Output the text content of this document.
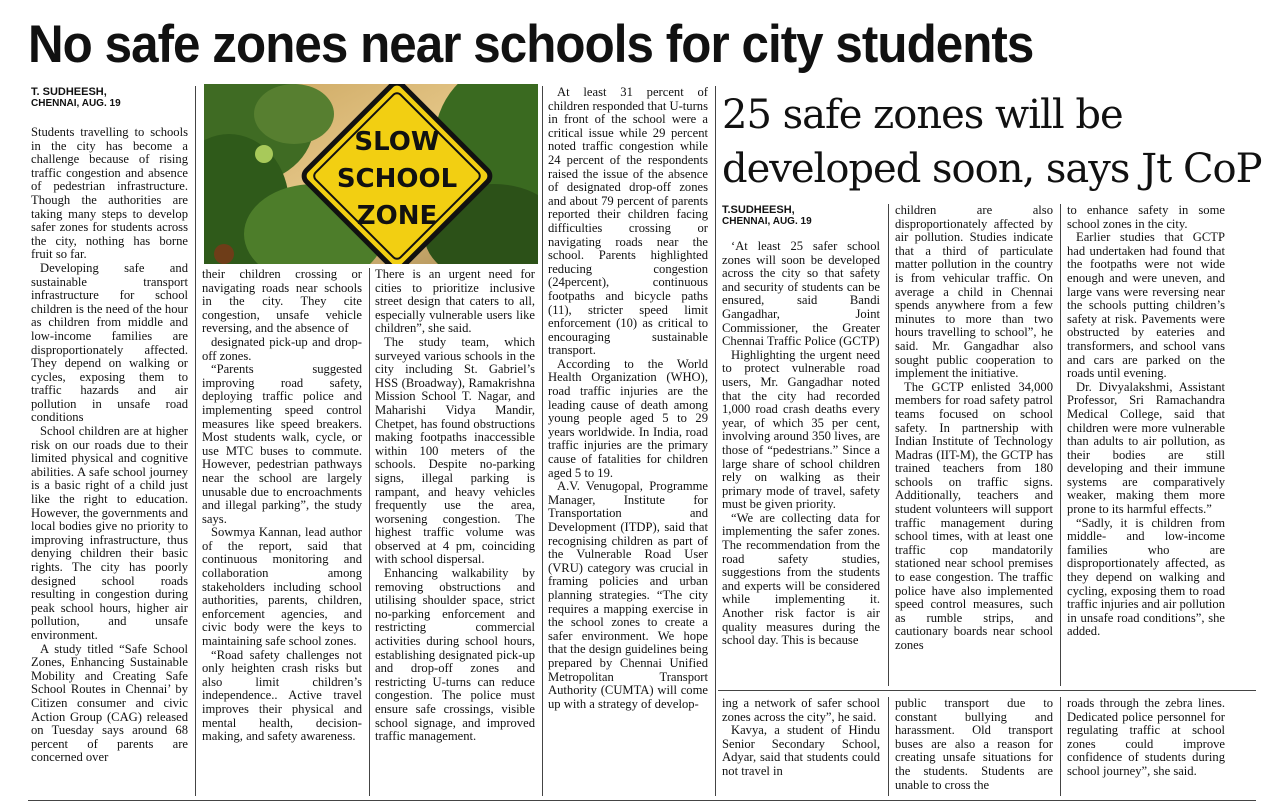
No safe zones near schools for city students
T. SUDHEESH,
CHENNAI, AUG. 19
SLOW
SCHOOL
ZONE

Students travelling to schools in the city has become a challenge because of rising traffic congestion and absence of pedestrian infrastructure. Though the authorities are taking many steps to develop safer zones for students across the city, nothing has borne fruit so far.

Developing safe and sustainable transport infrastructure for school children is the need of the hour as children from middle and low-income families are disproportionately affected. They depend on walking or cycles, exposing them to traffic hazards and air pollution in unsafe road conditions

School children are at higher risk on our roads due to their limited physical and cognitive abilities. A safe school journey is a basic right of a child just like the right to education. However, the governments and local bodies give no priority to improving infrastructure, thus denying children their basic rights. The city has poorly designed school roads resulting in congestion during peak school hours, higher air pollution, and unsafe environment.

A study titled “Safe School Zones, Enhancing Sustainable Mobility and Creating Safe School Routes in Chennai’ by Citizen consumer and civic Action Group (CAG) released on Tuesday says around 68 percent of parents are concerned over

their children crossing or navigating roads near schools in the city. They cite congestion, unsafe vehicle reversing, and the absence of

designated pick-up and drop-off zones.

“Parents suggested improving road safety, deploying traffic police and implementing speed control measures like speed breakers. Most students walk, cycle, or use MTC buses to commute. However, pedestrian pathways near the school are largely unusable due to encroachments and illegal parking”, the study says.

Sowmya Kannan, lead author of the report, said that continuous monitoring and collaboration among stakeholders including school authorities, parents, children, enforcement agencies, and civic body were the keys to maintaining safe school zones.

“Road safety challenges not only heighten crash risks but also limit children’s independence.. Active travel improves their physical and mental health, decision-making, and safety awareness.

There is an urgent need for cities to prioritize inclusive street design that caters to all, especially vulnerable users like children”, she said.

The study team, which surveyed various schools in the city including St. Gabriel’s HSS (Broadway), Ramakrishna Mission School T. Nagar, and Maharishi Vidya Mandir, Chetpet, has found obstructions making footpaths inaccessible within 100 meters of the schools. Despite no-parking signs, illegal parking is rampant, and heavy vehicles frequently use the area, worsening congestion. The highest traffic volume was observed at 4 pm, coinciding with school dispersal.

Enhancing walkability by removing obstructions and utilising shoulder space, strict no-parking enforcement and restricting commercial activities during school hours, establishing designated pick-up and drop-off zones and restricting U-turns can reduce congestion. The police must ensure safe crossings, visible school signage, and improved traffic management.

At least 31 percent of children responded that U-turns in front of the school were a critical issue while 29 percent noted traffic congestion while 24 percent of the respondents raised the issue of the absence of designated drop-off zones and about 79 percent of parents reported their children facing difficulties crossing or navigating roads near the school. Parents highlighted reducing congestion (24percent), continuous footpaths and bicycle paths (11), stricter speed limit enforcement (10) as critical to encouraging sustainable transport.

According to the World Health Organization (WHO), road traffic injuries are the leading cause of death among young people aged 5 to 29 years worldwide. In India, road traffic injuries are the primary cause of fatalities for children aged 5 to 19.

A.V. Venugopal, Programme Manager, Institute for Transportation and Development (ITDP), said that recognising children as part of the Vulnerable Road User (VRU) category was crucial in framing policies and urban planning strategies. “The city requires a mapping exercise in the school zones to create a safer environment. We hope that the design guidelines being prepared by Chennai Unified Metropolitan Transport Authority (CUMTA) will come up with a strategy of develop-

25 safe zones will be developed soon, says Jt CoP
T.SUDHEESH,
CHENNAI, AUG. 19

‘At least 25 safer school zones will soon be developed across the city so that safety and security of students can be ensured, said Bandi Gangadhar, Joint Commissioner, the Greater Chennai Traffic Police (GCTP)

Highlighting the urgent need to protect vulnerable road users, Mr. Gangadhar noted that the city had recorded 1,000 road crash deaths every year, of which 35 per cent, involving around 350 lives, are those of “pedestrians.” Since a large share of school children rely on walking as their primary mode of travel, safety must be given priority.

“We are collecting data for implementing the safer zones. The recommendation from the road safety studies, suggestions from the students and experts will be considered while implementing it. Another risk factor is air quality measures during the school day. This is because

children are also disproportionately affected by air pollution. Studies indicate that a third of particulate matter pollution in the country is from vehicular traffic. On average a child in Chennai spends anywhere from a few minutes to more than two hours travelling to school”, he said. Mr. Gangadhar also sought public cooperation to implement the initiative.

The GCTP enlisted 34,000 members for road safety patrol teams focused on school safety. In partnership with Indian Institute of Technology Madras (IIT-M), the GCTP has trained teachers from 180 schools on traffic signs. Additionally, teachers and student volunteers will support traffic management during school times, with at least one traffic cop mandatorily stationed near school premises to ease congestion. The traffic police have also implemented speed control measures, such as rumble strips, and cautionary boards near school zones

to enhance safety in some school zones in the city.

Earlier studies that GCTP had undertaken had found that the footpaths were not wide enough and were uneven, and large vans were reversing near the schools putting children’s safety at risk. Pavements were obstructed by eateries and transformers, and school vans and cars are parked on the roads until evening.

Dr. Divyalakshmi, Assistant Professor, Sri Ramachandra Medical College, said that children were more vulnerable than adults to air pollution, as their bodies are still developing and their immune systems are comparatively weaker, making them more prone to its harmful effects.”

“Sadly, it is children from middle- and low-income families who are disproportionately affected, as they depend on walking and cycling, exposing them to road traffic injuries and air pollution in unsafe road conditions”, she added.

ing a network of safer school zones across the city”, he said.

Kavya, a student of Hindu Senior Secondary School, Adyar, said that students could not travel in

public transport due to constant bullying and harassment. Old transport buses are also a reason for creating unsafe situations for the students. Students are unable to cross the

roads through the zebra lines. Dedicated police personnel for regulating traffic at school zones could improve confidence of students during school journey”, she said.
